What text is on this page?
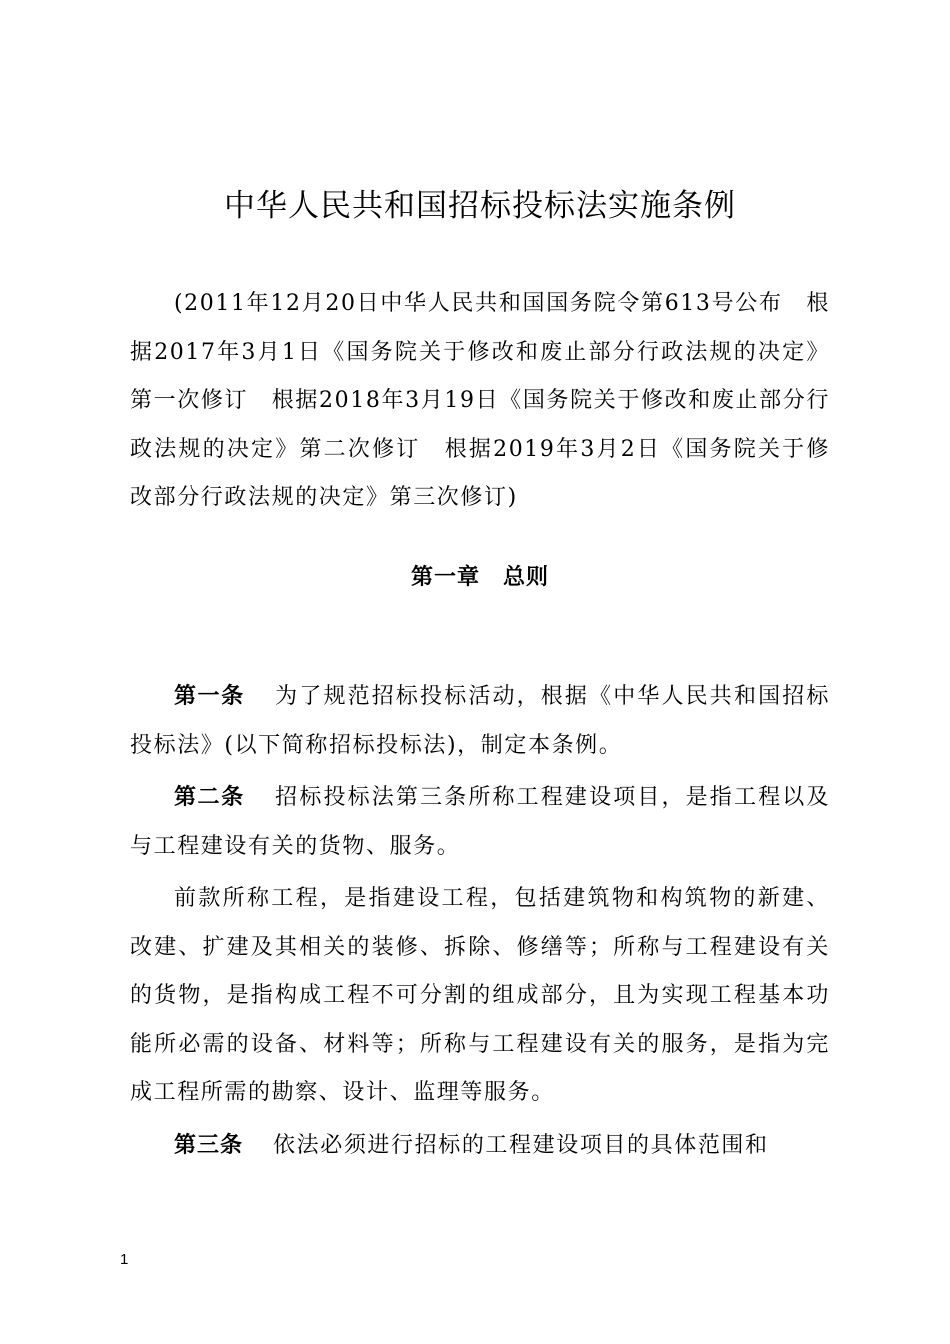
中华人民共和国招标投标法实施条例

(2011年12月20日中华人民共和国国务院令第613号公布　根据2017年3月1日《国务院关于修改和废止部分行政法规的决定》第一次修订　根据2018年3月19日《国务院关于修改和废止部分行政法规的决定》第二次修订　根据2019年3月2日《国务院关于修改部分行政法规的决定》第三次修订)

第一章　总则

第一条 为了规范招标投标活动，根据《中华人民共和国招标投标法》(以下简称招标投标法)，制定本条例。

第二条 招标投标法第三条所称工程建设项目，是指工程以及与工程建设有关的货物、服务。

前款所称工程，是指建设工程，包括建筑物和构筑物的新建、改建、扩建及其相关的装修、拆除、修缮等；所称与工程建设有关的货物，是指构成工程不可分割的组成部分，且为实现工程基本功能所必需的设备、材料等；所称与工程建设有关的服务，是指为完成工程所需的勘察、设计、监理等服务。

第三条 依法必须进行招标的工程建设项目的具体范围和

1
